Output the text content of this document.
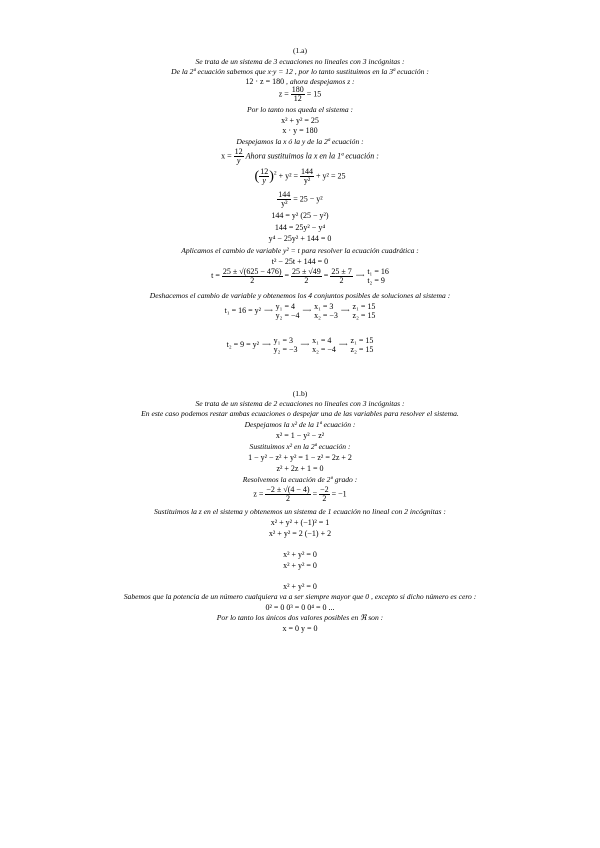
(1.a)
Se trata de un sistema de 3 ecuaciones no lineales con 3 incógnitas :
De la 2ª ecuación sabemos que x·y = 12 , por lo tanto sustituimos en la 3ª ecuación :
12 · z = 180 , ahora despejamos z :
$z = \frac{180}{12} = 15$
Por lo tanto nos queda el sistema :
x² + y² = 25
x · y = 180
Despejamos la x ó la y de la 2ª ecuación :
$x = \frac{12}{y}$ Ahora sustituimos la x en la 1ª ecuación :
( $\frac{12}{y} )^2 + y^2 = \frac{144}{\text{y²}} + y^2 = 25$
$\frac{144}{\text{y²}} = 25 - y^2$
144 = y² (25 − y²)
144 = 25y² − y⁴
y⁴ − 25y² + 144 = 0
Aplicamos el cambio de variable y² = t para resolver la ecuación cuadrática :
t² − 25t + 144 = 0
$t = \frac{25 \pm √(625 - 476)}{2} = \frac{25 \pm √49}{2} = \frac{25 \pm 7}{2}$ ⟶ t₁ = 16
t₂ = 9
Deshacemos el cambio de variable y obtenemos los 4 conjuntos posibles de soluciones al sistema :
t₁ = 16 = y² ⟶ y₁ = 4
y₂ = −4
⟶ x₁ = 3
x₂ = −3
⟶ z₁ = 15
z₂ = 15
t₂ = 9 = y² ⟶ y₁ = 3
y₂ = −3
⟶ x₁ = 4
x₂ = −4
⟶ z₁ = 15
z₂ = 15
(1.b)
Se trata de un sistema de 2 ecuaciones no lineales con 3 incógnitas :
En este caso podemos restar ambas ecuaciones o despejar una de las variables para resolver el sistema.
Despejamos la x² de la 1ª ecuación :
x² = 1 − y² − z²
Sustituimos x² en la 2ª ecuación :
1 − y² − z² + y² = 1 − z² = 2z + 2
z² + 2z + 1 = 0
Resolvemos la ecuación de 2º grado :
$z = \frac{-2 \pm √(4 - 4)}{2} = \frac{-2}{2} = -1$
Sustituimos la z en el sistema y obtenemos un sistema de 1 ecuación no lineal con 2 incógnitas :
x² + y² + (−1)² = 1
x² + y² = 2 (−1) + 2
x² + y² = 0
x² + y² = 0
x² + y² = 0
Sabemos que la potencia de un número cualquiera va a ser siempre mayor que 0 , excepto si dicho número es cero :
0² = 0 0³ = 0 0⁴ = 0 ...
Por lo tanto los únicos dos valores posibles en ℜ son :
x = 0 y = 0
